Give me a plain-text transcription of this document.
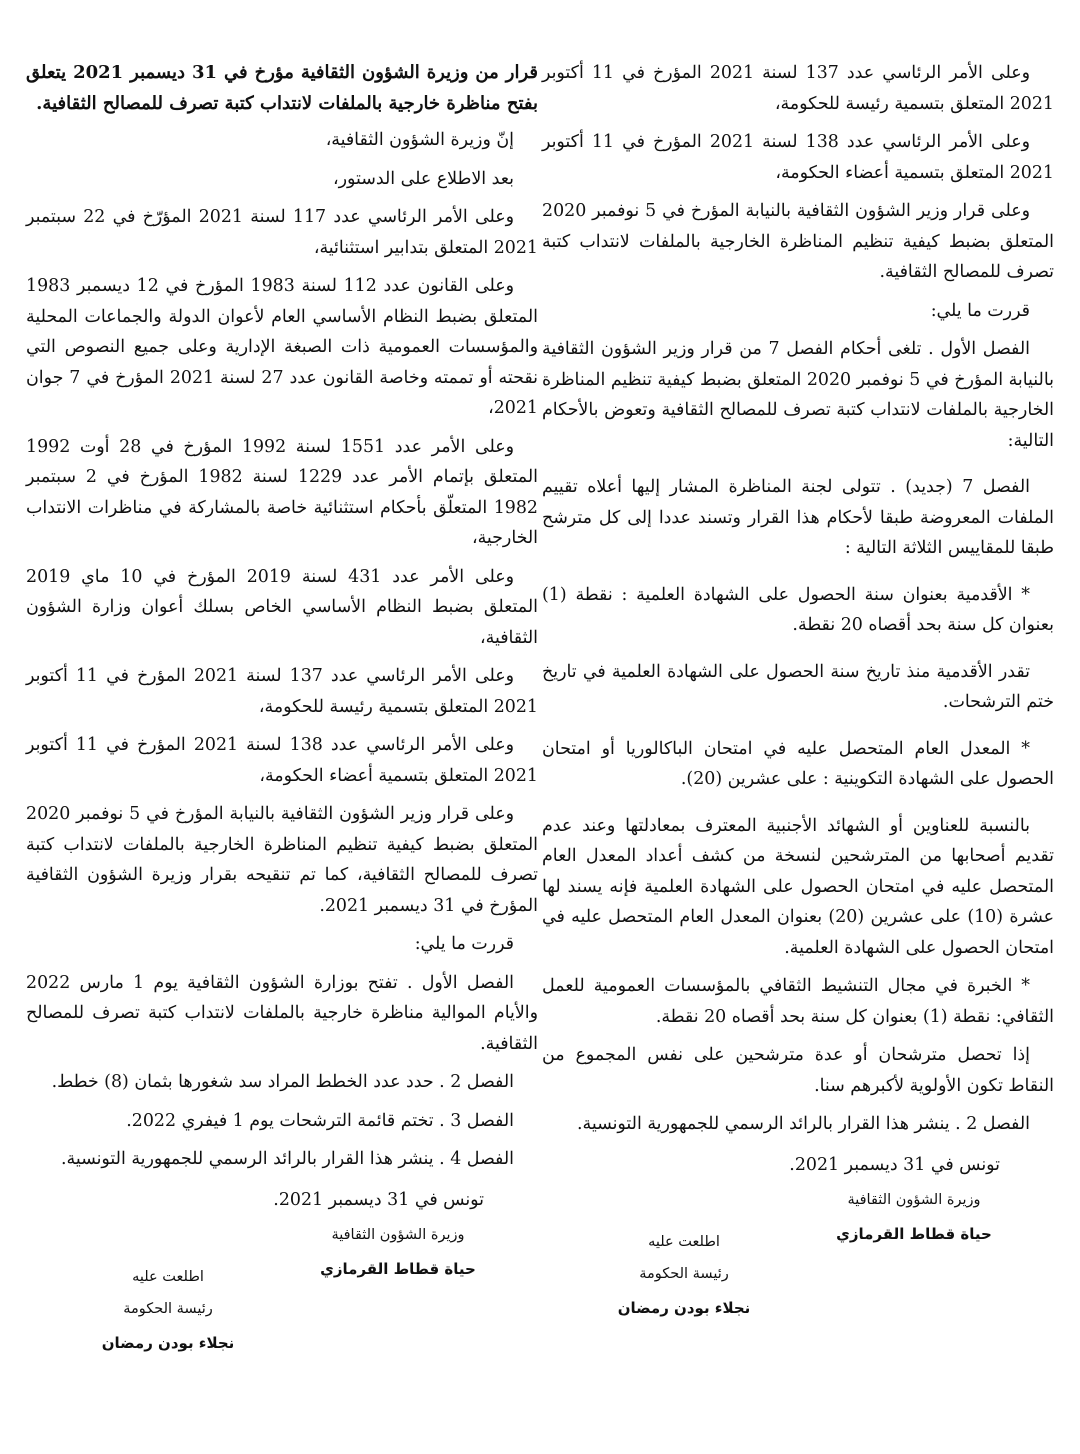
وعلى الأمر الرئاسي عدد 137 لسنة 2021 المؤرخ في 11 أكتوبر 2021 المتعلق بتسمية رئيسة للحكومة،

وعلى الأمر الرئاسي عدد 138 لسنة 2021 المؤرخ في 11 أكتوبر 2021 المتعلق بتسمية أعضاء الحكومة،

وعلى قرار وزير الشؤون الثقافية بالنيابة المؤرخ في 5 نوفمبر 2020 المتعلق بضبط كيفية تنظيم المناظرة الخارجية بالملفات لانتداب كتبة تصرف للمصالح الثقافية.

قررت ما يلي:

الفصل الأول . تلغى أحكام الفصل 7 من قرار وزير الشؤون الثقافية بالنيابة المؤرخ في 5 نوفمبر 2020 المتعلق بضبط كيفية تنظيم المناظرة الخارجية بالملفات لانتداب كتبة تصرف للمصالح الثقافية وتعوض بالأحكام التالية:

الفصل 7 (جديد) . تتولى لجنة المناظرة المشار إليها أعلاه تقييم الملفات المعروضة طبقا لأحكام هذا القرار وتسند عددا إلى كل مترشح طبقا للمقاييس الثلاثة التالية :

* الأقدمية بعنوان سنة الحصول على الشهادة العلمية : نقطة (1) بعنوان كل سنة بحد أقصاه 20 نقطة.

تقدر الأقدمية منذ تاريخ سنة الحصول على الشهادة العلمية في تاريخ ختم الترشحات.

* المعدل العام المتحصل عليه في امتحان الباكالوريا أو امتحان الحصول على الشهادة التكوينية : على عشرين (20).

بالنسبة للعناوين أو الشهائد الأجنبية المعترف بمعادلتها وعند عدم تقديم أصحابها من المترشحين لنسخة من كشف أعداد المعدل العام المتحصل عليه في امتحان الحصول على الشهادة العلمية فإنه يسند لها عشرة (10) على عشرين (20) بعنوان المعدل العام المتحصل عليه في امتحان الحصول على الشهادة العلمية.

* الخبرة في مجال التنشيط الثقافي بالمؤسسات العمومية للعمل الثقافي: نقطة (1) بعنوان كل سنة بحد أقصاه 20 نقطة.

إذا تحصل مترشحان أو عدة مترشحين على نفس المجموع من النقاط تكون الأولوية لأكبرهم سنا.

الفصل 2 . ينشر هذا القرار بالرائد الرسمي للجمهورية التونسية.

تونس في 31 ديسمبر 2021.

وزيرة الشؤون الثقافية
حياة قطاط القرمازي
اطلعت عليه
رئيسة الحكومة
نجلاء بودن رمضان

قرار من وزيرة الشؤون الثقافية مؤرخ في 31 ديسمبر 2021 يتعلق بفتح مناظرة خارجية بالملفات لانتداب كتبة تصرف للمصالح الثقافية.

إنّ وزيرة الشؤون الثقافية،

بعد الاطلاع على الدستور،

وعلى الأمر الرئاسي عدد 117 لسنة 2021 المؤرّخ في 22 سبتمبر 2021 المتعلق بتدابير استثنائية،

وعلى القانون عدد 112 لسنة 1983 المؤرخ في 12 ديسمبر 1983 المتعلق بضبط النظام الأساسي العام لأعوان الدولة والجماعات المحلية والمؤسسات العمومية ذات الصبغة الإدارية وعلى جميع النصوص التي نقحته أو تممته وخاصة القانون عدد 27 لسنة 2021 المؤرخ في 7 جوان 2021،

وعلى الأمر عدد 1551 لسنة 1992 المؤرخ في 28 أوت 1992 المتعلق بإتمام الأمر عدد 1229 لسنة 1982 المؤرخ في 2 سبتمبر 1982 المتعلّق بأحكام استثنائية خاصة بالمشاركة في مناظرات الانتداب الخارجية،

وعلى الأمر عدد 431 لسنة 2019 المؤرخ في 10 ماي 2019 المتعلق بضبط النظام الأساسي الخاص بسلك أعوان وزارة الشؤون الثقافية،

وعلى الأمر الرئاسي عدد 137 لسنة 2021 المؤرخ في 11 أكتوبر 2021 المتعلق بتسمية رئيسة للحكومة،

وعلى الأمر الرئاسي عدد 138 لسنة 2021 المؤرخ في 11 أكتوبر 2021 المتعلق بتسمية أعضاء الحكومة،

وعلى قرار وزير الشؤون الثقافية بالنيابة المؤرخ في 5 نوفمبر 2020 المتعلق بضبط كيفية تنظيم المناظرة الخارجية بالملفات لانتداب كتبة تصرف للمصالح الثقافية، كما تم تنقيحه بقرار وزيرة الشؤون الثقافية المؤرخ في 31 ديسمبر 2021.

قررت ما يلي:

الفصل الأول . تفتح بوزارة الشؤون الثقافية يوم 1 مارس 2022 والأيام الموالية مناظرة خارجية بالملفات لانتداب كتبة تصرف للمصالح الثقافية.

الفصل 2 . حدد عدد الخطط المراد سد شغورها بثمان (8) خطط.

الفصل 3 . تختم قائمة الترشحات يوم 1 فيفري 2022.

الفصل 4 . ينشر هذا القرار بالرائد الرسمي للجمهورية التونسية.

تونس في 31 ديسمبر 2021.

وزيرة الشؤون الثقافية
حياة قطاط القرمازي
اطلعت عليه
رئيسة الحكومة
نجلاء بودن رمضان
